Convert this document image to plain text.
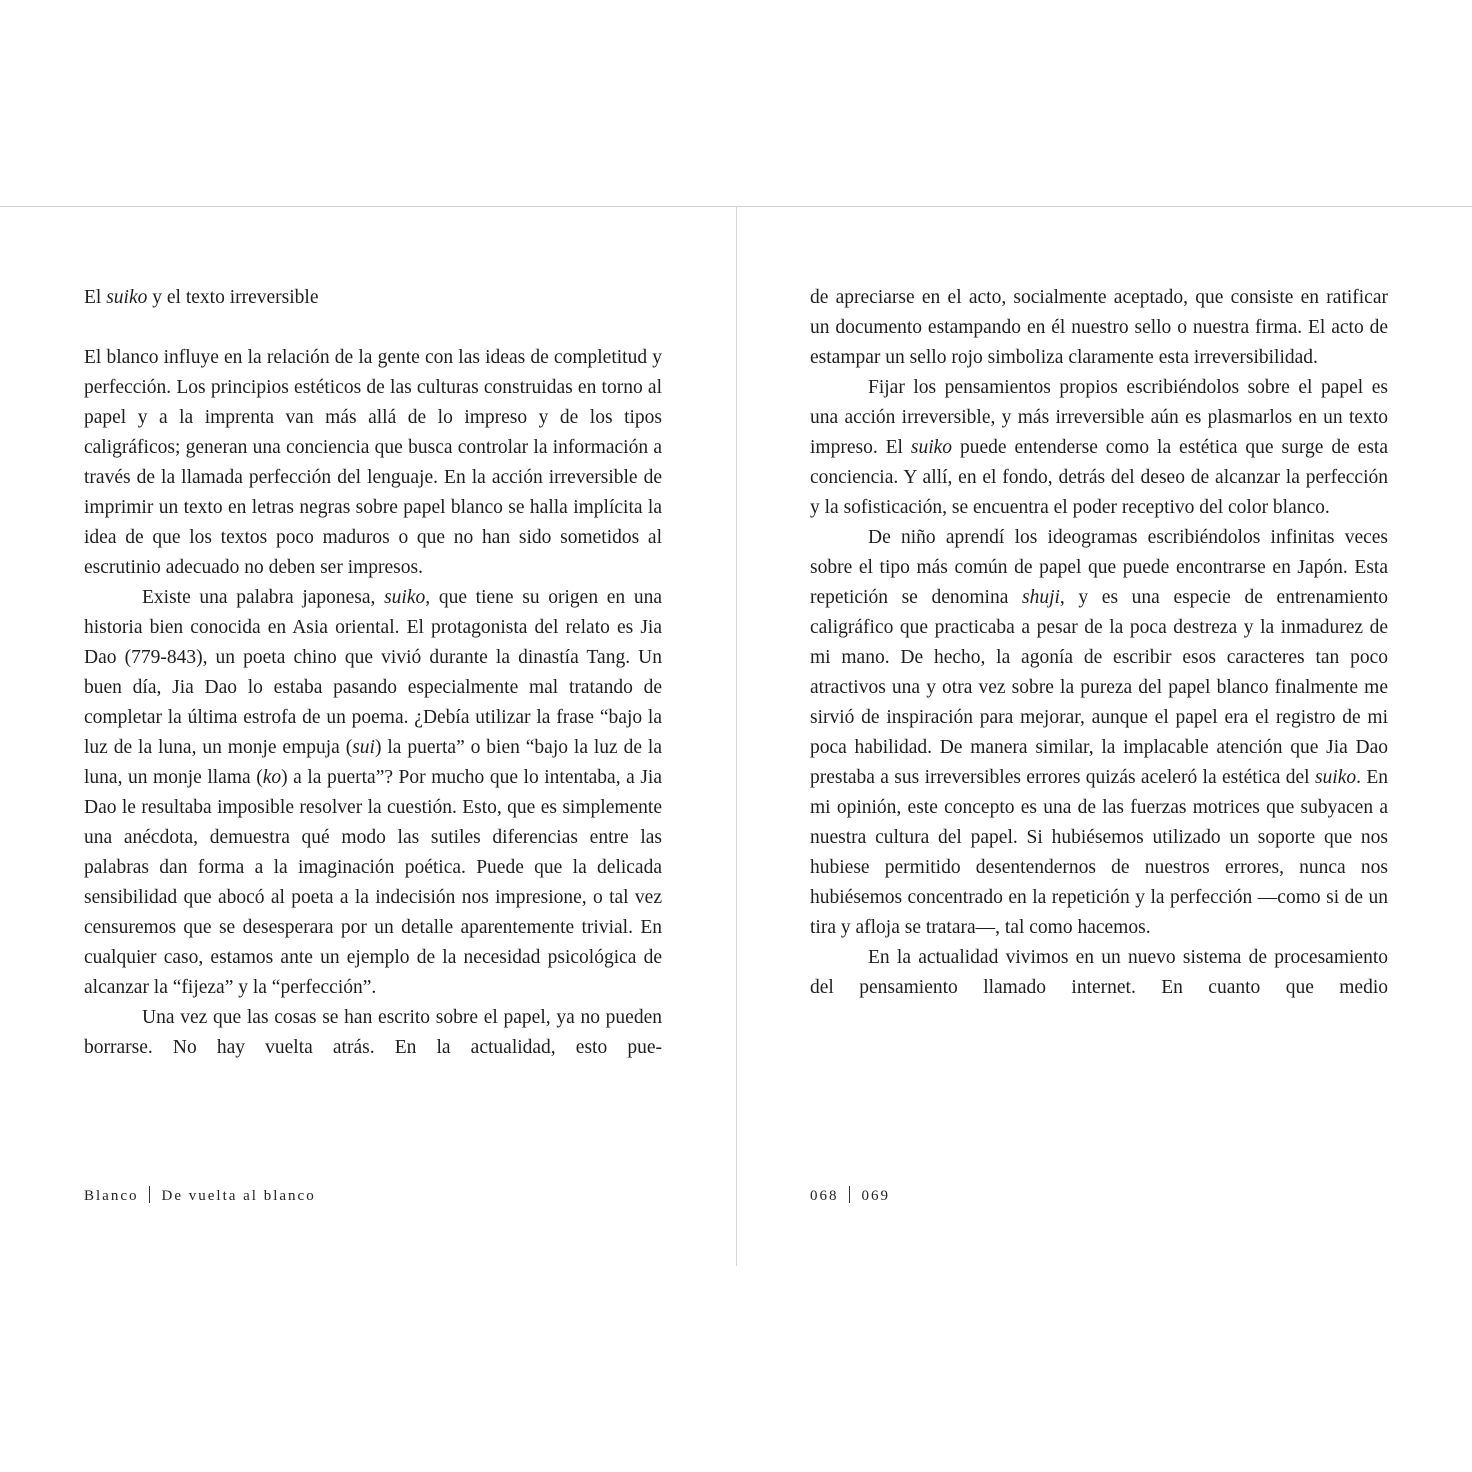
El suiko y el texto irreversible

El blanco influye en la relación de la gente con las ideas de completitud y perfección. Los principios estéticos de las culturas construidas en torno al papel y a la imprenta van más allá de lo impreso y de los tipos caligráficos; generan una conciencia que busca controlar la información a través de la llamada perfección del lenguaje. En la acción irreversible de imprimir un texto en letras negras sobre papel blanco se halla implícita la idea de que los textos poco maduros o que no han sido sometidos al escrutinio adecuado no deben ser impresos.

Existe una palabra japonesa, suiko, que tiene su origen en una historia bien conocida en Asia oriental. El protagonista del relato es Jia Dao (779-843), un poeta chino que vivió durante la dinastía Tang. Un buen día, Jia Dao lo estaba pasando especialmente mal tratando de completar la última estrofa de un poema. ¿Debía utilizar la frase “bajo la luz de la luna, un monje empuja (sui) la puerta” o bien “bajo la luz de la luna, un monje llama (ko) a la puerta”? Por mucho que lo intentaba, a Jia Dao le resultaba imposible resolver la cuestión. Esto, que es simplemente una anécdota, demuestra qué modo las sutiles diferencias entre las palabras dan forma a la imaginación poética. Puede que la delicada sensibilidad que abocó al poeta a la indecisión nos impresione, o tal vez censuremos que se desesperara por un detalle aparentemente trivial. En cualquier caso, estamos ante un ejemplo de la necesidad psicológica de alcanzar la “fijeza” y la “perfección”.

Una vez que las cosas se han escrito sobre el papel, ya no pueden borrarse. No hay vuelta atrás. En la actualidad, esto pue-

de apreciarse en el acto, socialmente aceptado, que consiste en ratificar un documento estampando en él nuestro sello o nuestra firma. El acto de estampar un sello rojo simboliza claramente esta irreversibilidad.

Fijar los pensamientos propios escribiéndolos sobre el papel es una acción irreversible, y más irreversible aún es plasmarlos en un texto impreso. El suiko puede entenderse como la estética que surge de esta conciencia. Y allí, en el fondo, detrás del deseo de alcanzar la perfección y la sofisticación, se encuentra el poder receptivo del color blanco.

De niño aprendí los ideogramas escribiéndolos infinitas veces sobre el tipo más común de papel que puede encontrarse en Japón. Esta repetición se denomina shuji, y es una especie de entrenamiento caligráfico que practicaba a pesar de la poca destreza y la inmadurez de mi mano. De hecho, la agonía de escribir esos caracteres tan poco atractivos una y otra vez sobre la pureza del papel blanco finalmente me sirvió de inspiración para mejorar, aunque el papel era el registro de mi poca habilidad. De manera similar, la implacable atención que Jia Dao prestaba a sus irreversibles errores quizás aceleró la estética del suiko. En mi opinión, este concepto es una de las fuerzas motrices que subyacen a nuestra cultura del papel. Si hubiésemos utilizado un soporte que nos hubiese permitido desentendernos de nuestros errores, nunca nos hubiésemos concentrado en la repetición y la perfección —como si de un tira y afloja se tratara—, tal como hacemos.

En la actualidad vivimos en un nuevo sistema de procesamiento del pensamiento llamado internet. En cuanto que medio

Blanco De vuelta al blanco	068 069
